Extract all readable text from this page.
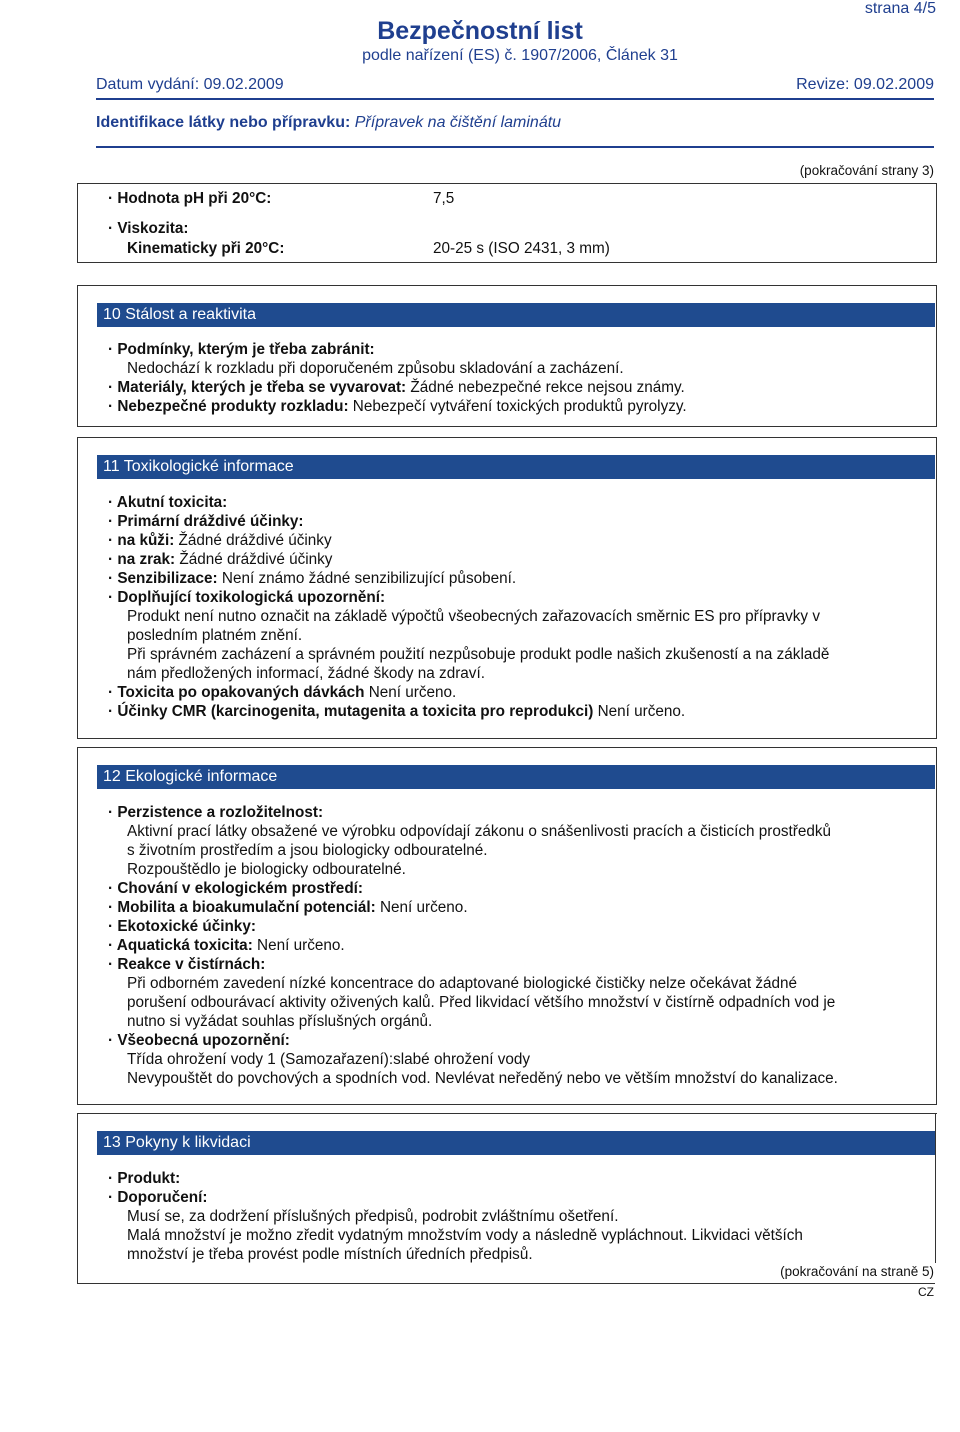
strana 4/5
Bezpečnostní list
podle nařízení (ES) č. 1907/2006, Článek 31
Datum vydání: 09.02.2009	Revize: 09.02.2009
Identifikace látky nebo přípravku: Přípravek na čištění laminátu
(pokračování strany 3)
· Hodnota pH při 20°C:	7,5
· Viskozita:
Kinematicky při 20°C:	20-25 s (ISO 2431, 3 mm)
10 Stálost a reaktivita

· Podmínky, kterým je třeba zabránit:

Nedochází k rozkladu při doporučeném způsobu skladování a zacházení.

· Materiály, kterých je třeba se vyvarovat: Žádné nebezpečné rekce nejsou známy.

· Nebezpečné produkty rozkladu: Nebezpečí vytváření toxických produktů pyrolyzy.

11 Toxikologické informace

· Akutní toxicita:

· Primární dráždivé účinky:

· na kůži: Žádné dráždivé účinky

· na zrak: Žádné dráždivé účinky

· Senzibilizace: Není známo žádné senzibilizující působení.

· Doplňující toxikologická upozornění:

Produkt není nutno označit na základě výpočtů všeobecných zařazovacích směrnic ES pro přípravky v

posledním platném znění.

Při správném zacházení a správném použití nezpůsobuje produkt podle našich zkušeností a na základě

nám předložených informací, žádné škody na zdraví.

· Toxicita po opakovaných dávkách Není určeno.

· Účinky CMR (karcinogenita, mutagenita a toxicita pro reprodukci) Není určeno.

12 Ekologické informace

· Perzistence a rozložitelnost:

Aktivní prací látky obsažené ve výrobku odpovídají zákonu o snášenlivosti pracích a čisticích prostředků

s životním prostředím a jsou biologicky odbouratelné.

Rozpouštědlo je biologicky odbouratelné.

· Chování v ekologickém prostředí:

· Mobilita a bioakumulační potenciál: Není určeno.

· Ekotoxické účinky:

· Aquatická toxicita: Není určeno.

· Reakce v čistírnách:

Při odborném zavedení nízké koncentrace do adaptované biologické čističky nelze očekávat žádné

porušení odbourávací aktivity oživených kalů. Před likvidací většího množství v čistírně odpadních vod je

nutno si vyžádat souhlas příslušných orgánů.

· Všeobecná upozornění:

Třída ohrožení vody 1 (Samozařazení):slabé ohrožení vody

Nevypouštět do povchových a spodních vod. Nevlévat neředěný nebo ve větším množství do kanalizace.

13 Pokyny k likvidaci

· Produkt:

· Doporučení:

Musí se, za dodržení příslušných předpisů, podrobit zvláštnímu ošetření.

Malá množství je možno zředit vydatným množstvím vody a následně vypláchnout. Likvidaci větších

množství je třeba provést podle místních úředních předpisů.

(pokračování na straně 5)
CZ
